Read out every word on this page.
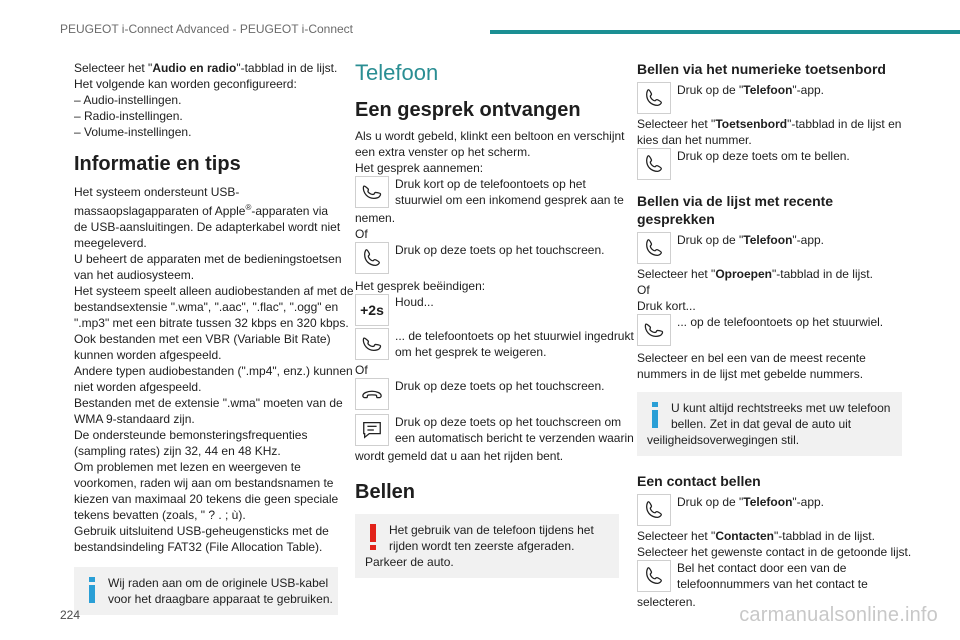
PEUGEOT i-Connect Advanced - PEUGEOT i-Connect
Selecteer het "Audio en radio"-tabblad in de lijst.
Het volgende kan worden geconfigureerd:
– Audio-instellingen.
– Radio-instellingen.
– Volume-instellingen.
Informatie en tips
Het systeem ondersteunt USB-
massaopslagapparaten of Apple®-apparaten via
de USB-aansluitingen. De adapterkabel wordt niet
meegeleverd.
U beheert de apparaten met de bedieningstoetsen
van het audiosysteem.
Het systeem speelt alleen audiobestanden af met de
bestandsextensie ".wma", ".aac", ".flac", ".ogg" en
".mp3" met een bitrate tussen 32 kbps en 320 kbps.
Ook bestanden met een VBR (Variable Bit Rate)
kunnen worden afgespeeld.
Andere typen audiobestanden (".mp4", enz.) kunnen
niet worden afgespeeld.
Bestanden met de extensie ".wma" moeten van de
WMA 9-standaard zijn.
De ondersteunde bemonsteringsfrequenties
(sampling rates) zijn 32, 44 en 48 KHz.
Om problemen met lezen en weergeven te
voorkomen, raden wij aan om bestandsnamen te
kiezen van maximaal 20 tekens die geen speciale
tekens bevatten (zoals, " ? . ; ù).
Gebruik uitsluitend USB-geheugensticks met de
bestandsindeling FAT32 (File Allocation Table).
Wij raden aan om de originele USB-kabel
voor het draagbare apparaat te gebruiken.
Telefoon
Een gesprek ontvangen
Als u wordt gebeld, klinkt een beltoon en verschijnt
een extra venster op het scherm.
Het gesprek aannemen:
Druk kort op de telefoontoets op het
stuurwiel om een inkomend gesprek aan te
nemen.
Of
Druk op deze toets op het touchscreen.
Het gesprek beëindigen:
+2s Houd...
... de telefoontoets op het stuurwiel ingedrukt
om het gesprek te weigeren.
Of
Druk op deze toets op het touchscreen.
Druk op deze toets op het touchscreen om
een automatisch bericht te verzenden waarin
wordt gemeld dat u aan het rijden bent.
Bellen
Het gebruik van de telefoon tijdens het
rijden wordt ten zeerste afgeraden.
Parkeer de auto.
Bellen via het numerieke toetsenbord
Druk op de "Telefoon"-app.
Selecteer het "Toetsenbord"-tabblad in de lijst en
kies dan het nummer.
Druk op deze toets om te bellen.
Bellen via de lijst met recente
gesprekken
Druk op de "Telefoon"-app.
Selecteer het "Oproepen"-tabblad in de lijst.
Of
Druk kort...
... op de telefoontoets op het stuurwiel.
Selecteer en bel een van de meest recente
nummers in de lijst met gebelde nummers.
U kunt altijd rechtstreeks met uw telefoon
bellen. Zet in dat geval de auto uit
veiligheidsoverwegingen stil.
Een contact bellen
Druk op de "Telefoon"-app.
Selecteer het "Contacten"-tabblad in de lijst.
Selecteer het gewenste contact in de getoonde lijst.
Bel het contact door een van de
telefoonnummers van het contact te
selecteren.
224	carmanualsonline.info
